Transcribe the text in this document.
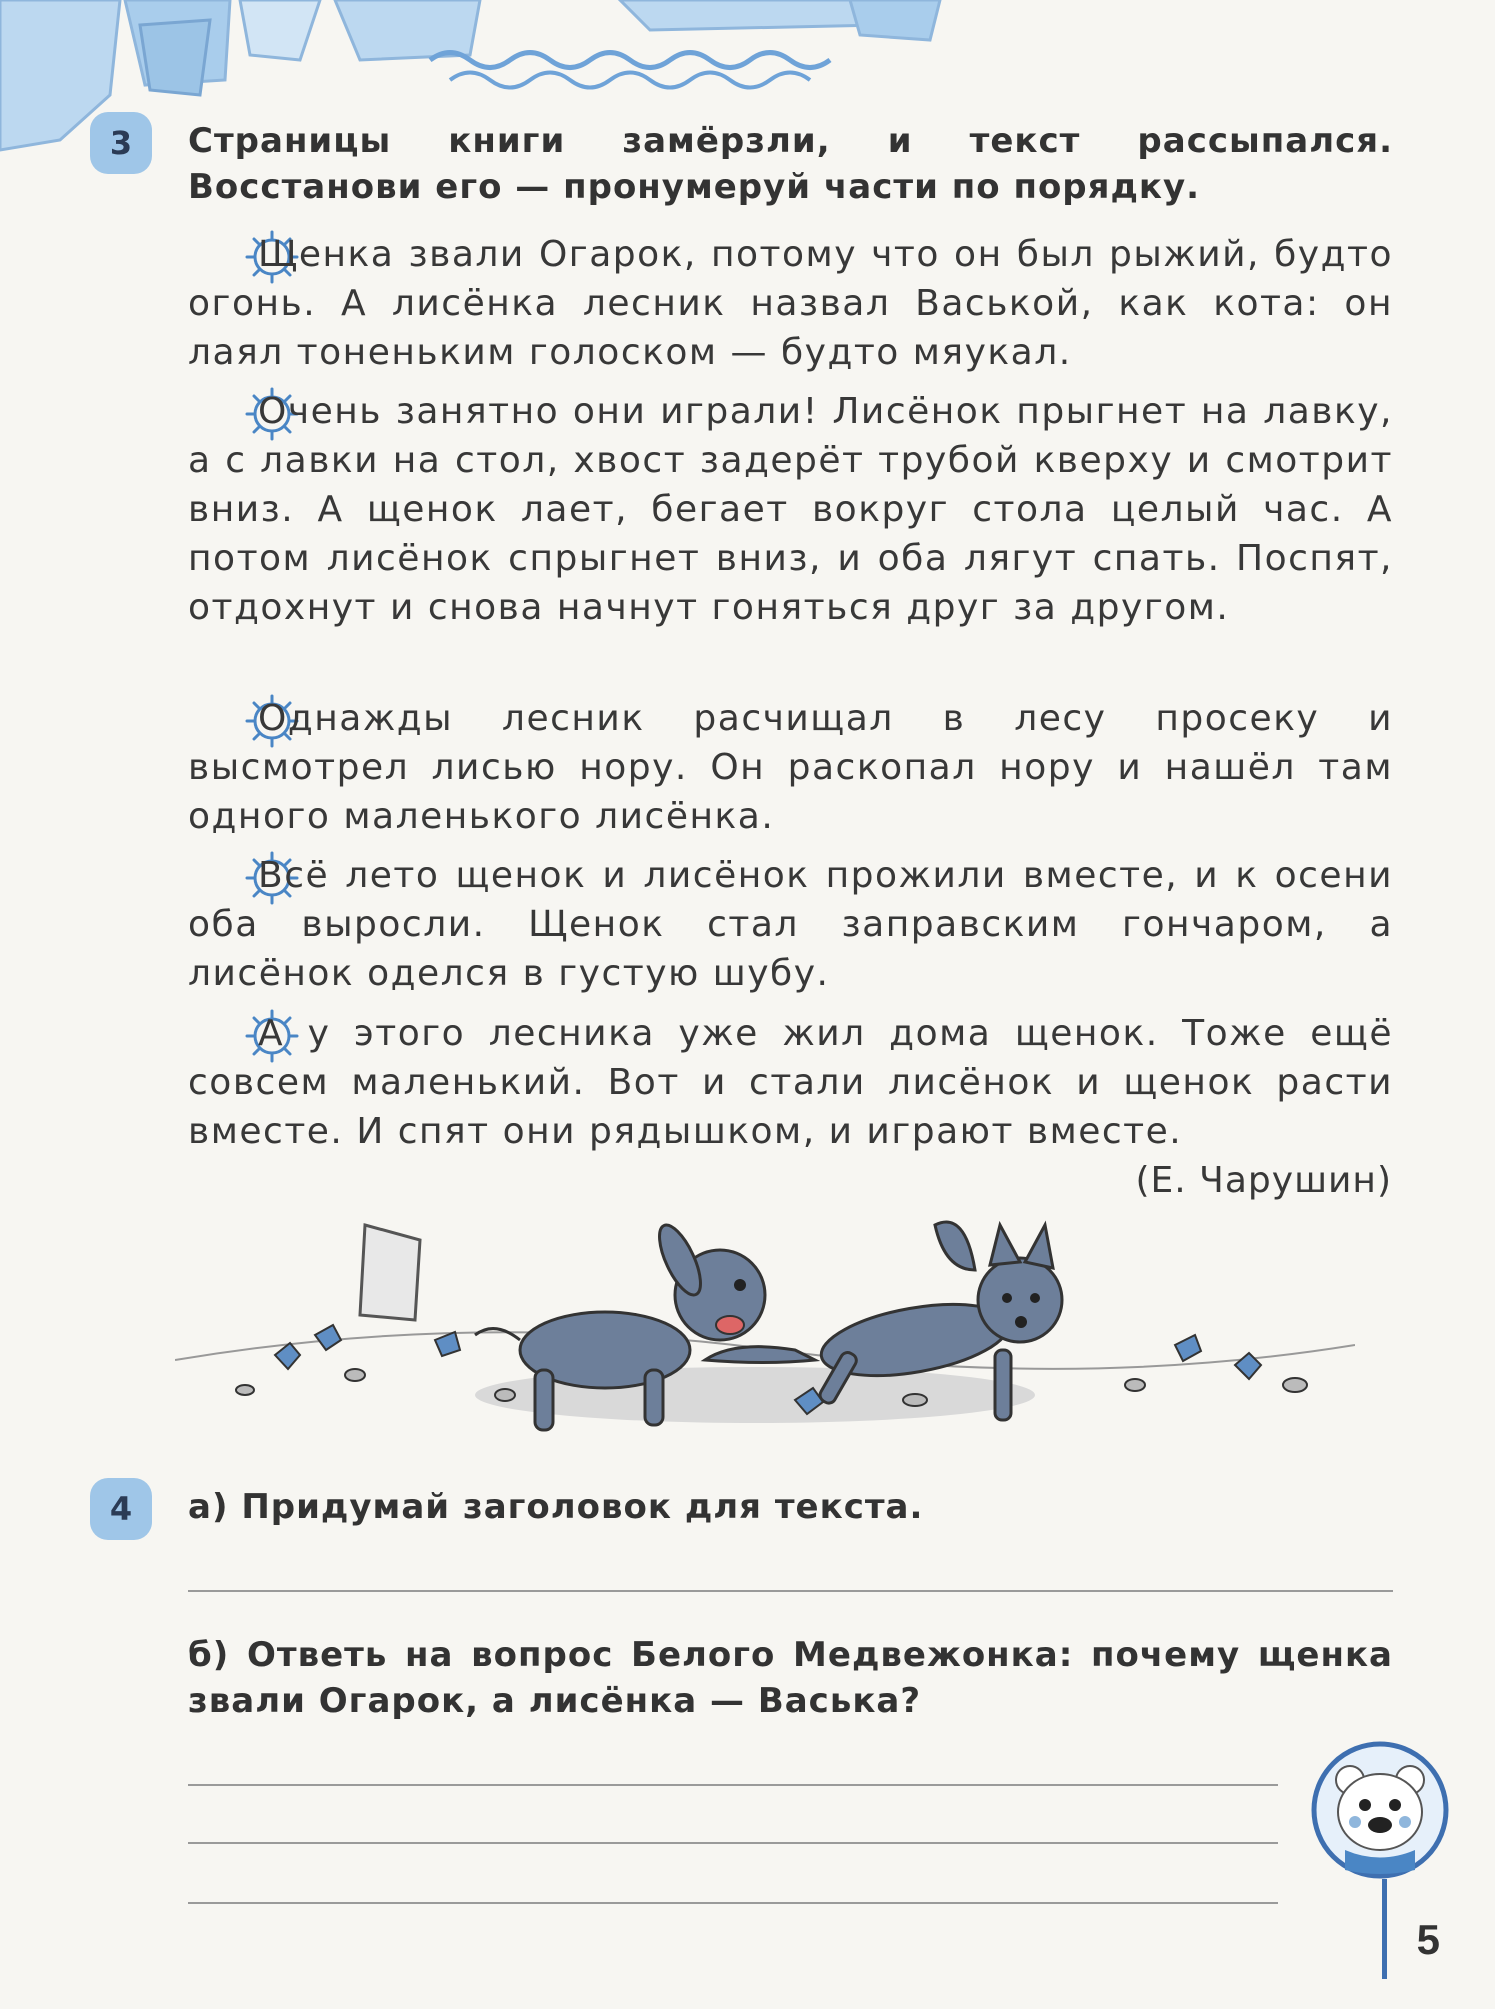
3	Страницы книги замёрзли, и текст рассыпался. Восстанови его — пронумеруй части по порядку.
Щенка звали Огарок, потому что он был рыжий, будто огонь. А лисёнка лесник назвал Васькой, как кота: он лаял тоненьким голоском — будто мяукал.
Очень занятно они играли! Лисёнок прыгнет на лавку, а с лавки на стол, хвост задерёт трубой кверху и смотрит вниз. А щенок лает, бегает вокруг стола целый час. А потом лисёнок спрыгнет вниз, и оба лягут спать. Поспят, отдохнут и снова начнут гоняться друг за другом.
Однажды лесник расчищал в лесу просеку и высмотрел лисью нору. Он раскопал нору и нашёл там одного маленького лисёнка.
Всё лето щенок и лисёнок прожили вместе, и к осени оба выросли. Щенок стал заправским гончаром, а лисёнок оделся в густую шубу.
А у этого лесника уже жил дома щенок. Тоже ещё совсем маленький. Вот и стали лисёнок и щенок расти вместе. И спят они рядышком, и играют вместе.
(Е. Чарушин)
4	а) Придумай заголовок для текста.
б) Ответь на вопрос Белого Медвежонка: почему щенка звали Огарок, а лисёнка — Васька?
5
